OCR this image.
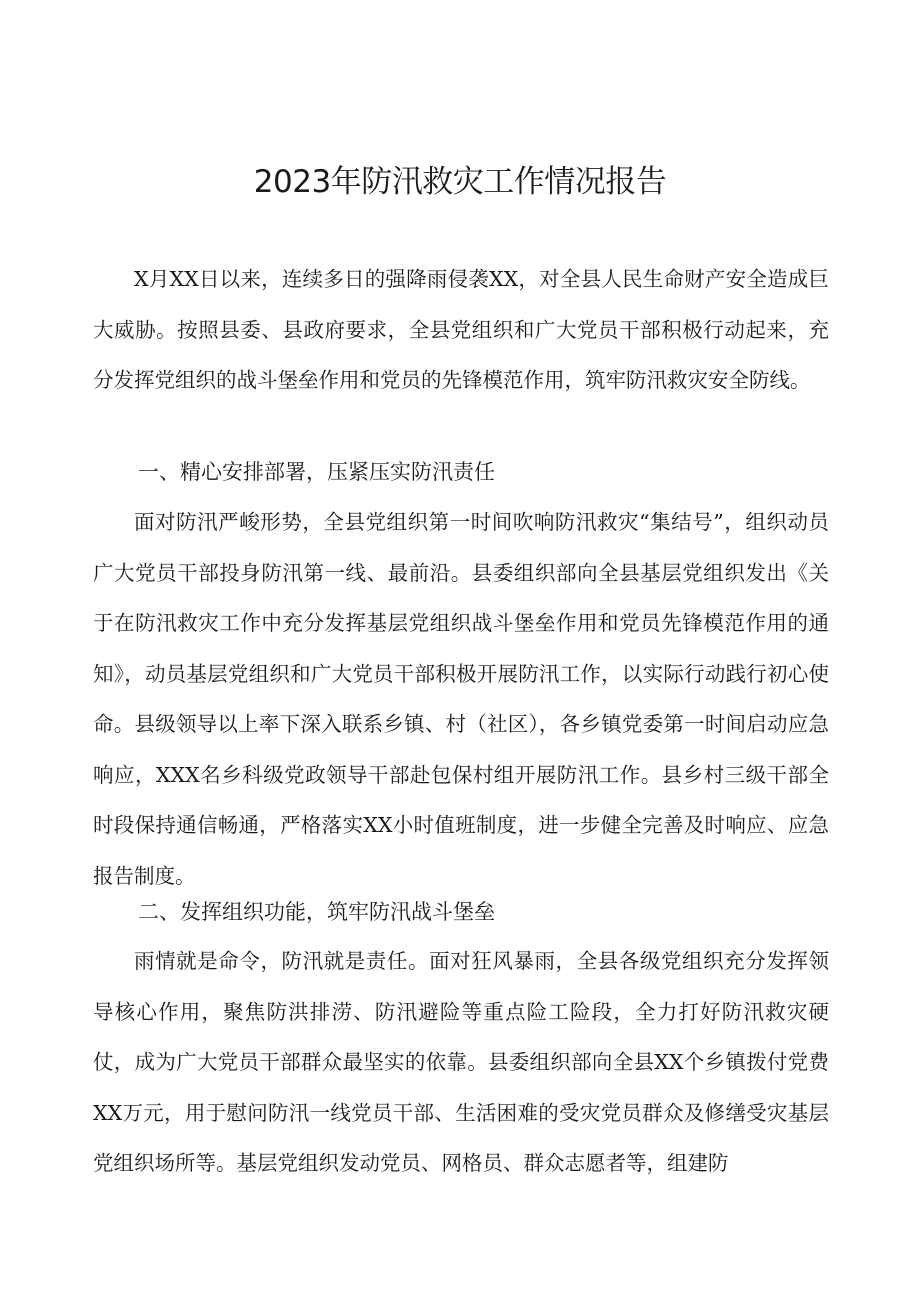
2023年防汛救灾工作情况报告

X月XX日以来，连续多日的强降雨侵袭XX，对全县人民生命财产安全造成巨大威胁。按照县委、县政府要求，全县党组织和广大党员干部积极行动起来，充分发挥党组织的战斗堡垒作用和党员的先锋模范作用，筑牢防汛救灾安全防线。

一、精心安排部署，压紧压实防汛责任

面对防汛严峻形势，全县党组织第一时间吹响防汛救灾“集结号”，组织动员广大党员干部投身防汛第一线、最前沿。县委组织部向全县基层党组织发出《关于在防汛救灾工作中充分发挥基层党组织战斗堡垒作用和党员先锋模范作用的通知》，动员基层党组织和广大党员干部积极开展防汛工作，以实际行动践行初心使命。县级领导以上率下深入联系乡镇、村（社区），各乡镇党委第一时间启动应急响应，XXX名乡科级党政领导干部赴包保村组开展防汛工作。县乡村三级干部全时段保持通信畅通，严格落实XX小时值班制度，进一步健全完善及时响应、应急报告制度。

二、发挥组织功能，筑牢防汛战斗堡垒

雨情就是命令，防汛就是责任。面对狂风暴雨，全县各级党组织充分发挥领导核心作用，聚焦防洪排涝、防汛避险等重点险工险段，全力打好防汛救灾硬仗，成为广大党员干部群众最坚实的依靠。县委组织部向全县XX个乡镇拨付党费XX万元，用于慰问防汛一线党员干部、生活困难的受灾党员群众及修缮受灾基层党组织场所等。基层党组织发动党员、网格员、群众志愿者等，组建防
